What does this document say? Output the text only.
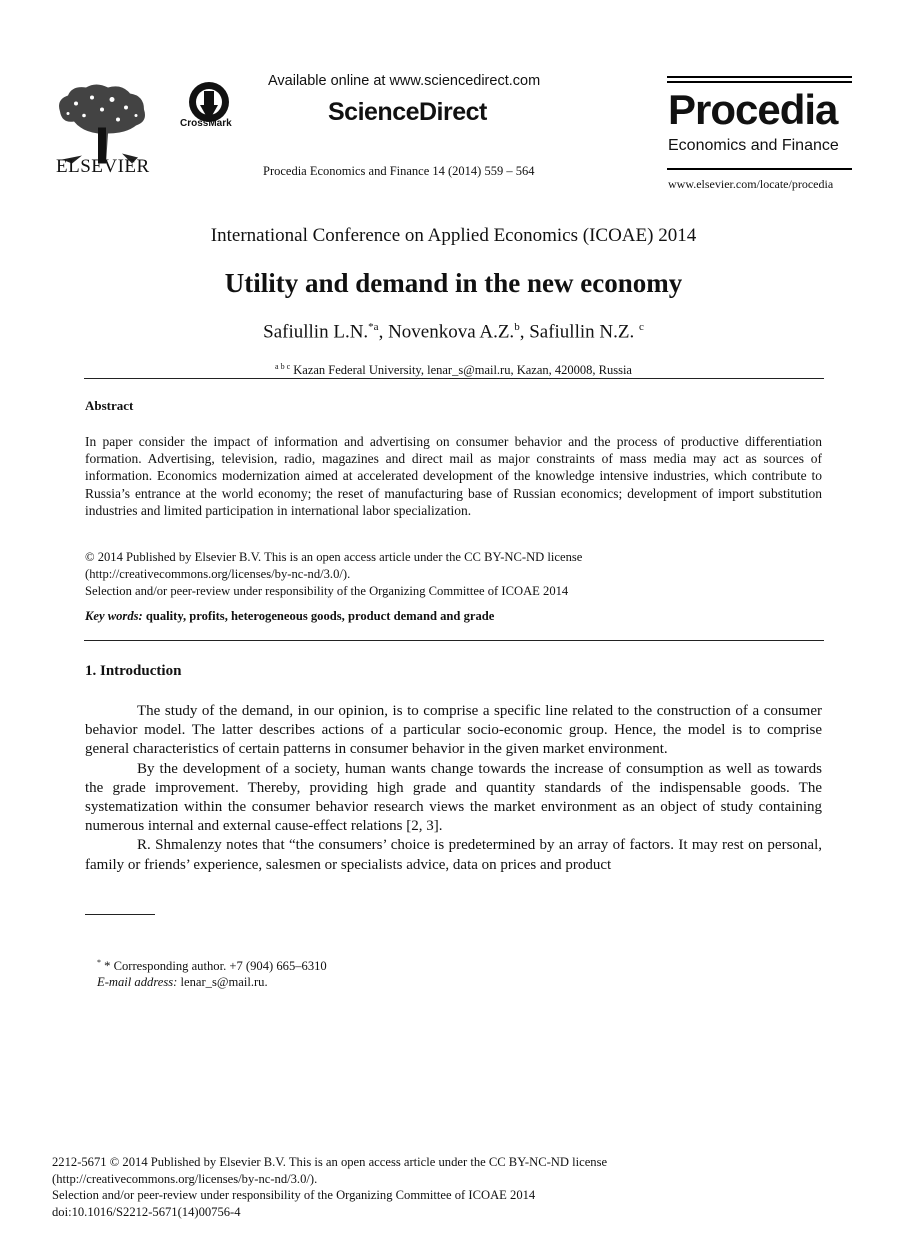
ELSEVIER
CrossMark
Available online at www.sciencedirect.com
ScienceDirect
Procedia Economics and Finance 14 (2014) 559 – 564
Procedia
Economics and Finance
www.elsevier.com/locate/procedia
International Conference on Applied Economics (ICOAE) 2014
Utility and demand in the new economy
Safiullin L.N.$^{*a}$, Novenkova A.Z.$^b$, Safiullin N.Z. $^c$
$^{a b c}$ Kazan Federal University, lenar_s@mail.ru, Kazan, 420008, Russia
Abstract
In paper consider the impact of information and advertising on consumer behavior and the process of productive differentiation formation. Advertising, television, radio, magazines and direct mail as major constraints of mass media may act as sources of information. Economics modernization aimed at accelerated development of the knowledge intensive industries, which contribute to Russia’s entrance at the world economy; the reset of manufacturing base of Russian economics; development of import substitution industries and limited participation in international labor specialization.
© 2014 Published by Elsevier B.V. This is an open access article under the CC BY-NC-ND license
(http://creativecommons.org/licenses/by-nc-nd/3.0/).
Selection and/or peer-review under responsibility of the Organizing Committee of ICOAE 2014
Key words: quality, profits, heterogeneous goods, product demand and grade
1. Introduction

The study of the demand, in our opinion, is to comprise a specific line related to the construction of a consumer behavior model. The latter describes actions of a particular socio-economic group. Hence, the model is to comprise general characteristics of certain patterns in consumer behavior in the given market environment.

By the development of a society, human wants change towards the increase of consumption as well as towards the grade improvement. Thereby, providing high grade and quantity standards of the indispensable goods. The systematization within the consumer behavior research views the market environment as an object of study containing numerous internal and external cause-effect relations [2, 3].

R. Shmalenzy notes that “the consumers’ choice is predetermined by an array of factors. It may rest on personal, family or friends’ experience, salesmen or specialists advice, data on prices and product

* * Corresponding author. +7 (904) 665–6310
E-mail address: lenar_s@mail.ru.
2212-5671 © 2014 Published by Elsevier B.V. This is an open access article under the CC BY-NC-ND license
(http://creativecommons.org/licenses/by-nc-nd/3.0/).
Selection and/or peer-review under responsibility of the Organizing Committee of ICOAE 2014
doi:10.1016/S2212-5671(14)00756-4
